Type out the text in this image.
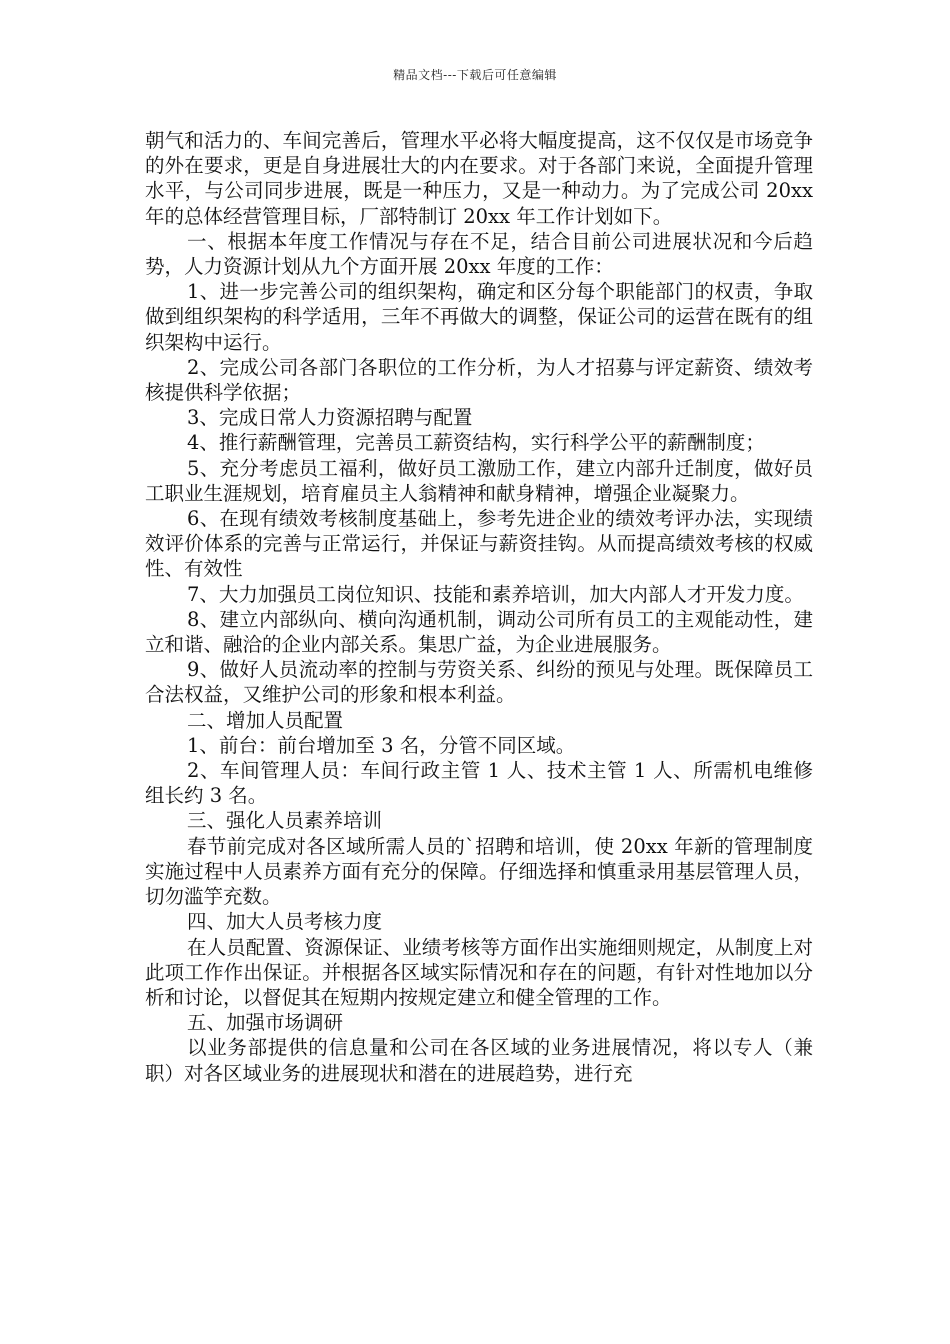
精品文档---下载后可任意编辑

朝气和活力的、车间完善后，管理水平必将大幅度提高，这不仅仅是市场竞争的外在要求，更是自身进展壮大的内在要求。对于各部门来说，全面提升管理水平，与公司同步进展，既是一种压力，又是一种动力。为了完成公司 20xx 年的总体经营管理目标，厂部特制订 20xx 年工作计划如下。

一、根据本年度工作情况与存在不足，结合目前公司进展状况和今后趋势，人力资源计划从九个方面开展 20xx 年度的工作：

1、进一步完善公司的组织架构，确定和区分每个职能部门的权责，争取做到组织架构的科学适用，三年不再做大的调整，保证公司的运营在既有的组织架构中运行。

2、完成公司各部门各职位的工作分析，为人才招募与评定薪资、绩效考核提供科学依据；

3、完成日常人力资源招聘与配置

4、推行薪酬管理，完善员工薪资结构，实行科学公平的薪酬制度；

5、充分考虑员工福利，做好员工激励工作，建立内部升迁制度，做好员工职业生涯规划，培育雇员主人翁精神和献身精神，增强企业凝聚力。

6、在现有绩效考核制度基础上，参考先进企业的绩效考评办法，实现绩效评价体系的完善与正常运行，并保证与薪资挂钩。从而提高绩效考核的权威性、有效性

7、大力加强员工岗位知识、技能和素养培训，加大内部人才开发力度。

8、建立内部纵向、横向沟通机制，调动公司所有员工的主观能动性，建立和谐、融洽的企业内部关系。集思广益，为企业进展服务。

9、做好人员流动率的控制与劳资关系、纠纷的预见与处理。既保障员工合法权益，又维护公司的形象和根本利益。

二、增加人员配置

1、前台：前台增加至 3 名，分管不同区域。

2、车间管理人员：车间行政主管 1 人、技术主管 1 人、所需机电维修组长约 3 名。

三、强化人员素养培训

春节前完成对各区域所需人员的`招聘和培训，使 20xx 年新的管理制度实施过程中人员素养方面有充分的保障。仔细选择和慎重录用基层管理人员，切勿滥竽充数。

四、加大人员考核力度

在人员配置、资源保证、业绩考核等方面作出实施细则规定，从制度上对此项工作作出保证。并根据各区域实际情况和存在的问题，有针对性地加以分析和讨论，以督促其在短期内按规定建立和健全管理的工作。

五、加强市场调研

以业务部提供的信息量和公司在各区域的业务进展情况，将以专人（兼职）对各区域业务的进展现状和潜在的进展趋势，进行充
